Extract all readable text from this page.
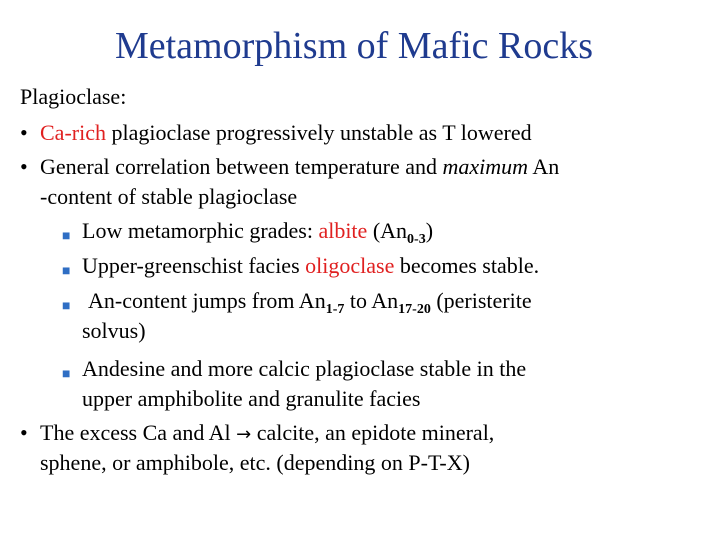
Metamorphism of Mafic Rocks
Plagioclase:
• Ca-rich plagioclase progressively unstable as T lowered
• General correlation between temperature and maximum An
-content of stable plagioclase
■ Low metamorphic grades: albite $(An_{0-3})$
■ Upper-greenschist facies oligoclase becomes stable.
■ An-content jumps from $An_{1-7}$ to $An_{17-20}$ (peristerite
solvus)
■ Andesine and more calcic plagioclase stable in the
upper amphibolite and granulite facies
• The excess Ca and Al → calcite, an epidote mineral,
sphene, or amphibole, etc. (depending on P-T-X)
